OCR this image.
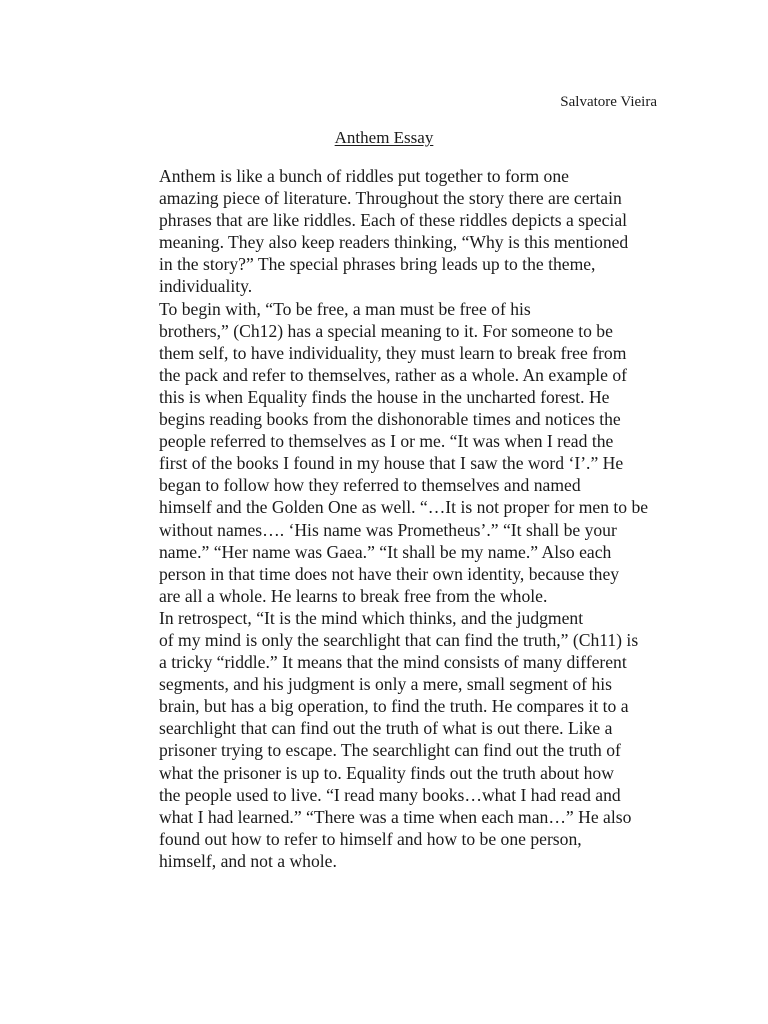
Salvatore Vieira
Anthem Essay

Anthem is like a bunch of riddles put together to form one
amazing piece of literature. Throughout the story there are certain
phrases that are like riddles. Each of these riddles depicts a special
meaning. They also keep readers thinking, “Why is this mentioned
in the story?” The special phrases bring leads up to the theme,
individuality.

To begin with, “To be free, a man must be free of his
brothers,” (Ch12) has a special meaning to it. For someone to be
them self, to have individuality, they must learn to break free from
the pack and refer to themselves, rather as a whole. An example of
this is when Equality finds the house in the uncharted forest. He
begins reading books from the dishonorable times and notices the
people referred to themselves as I or me. “It was when I read the
first of the books I found in my house that I saw the word ‘I’.” He
began to follow how they referred to themselves and named
himself and the Golden One as well. “…It is not proper for men to be
without names…. ‘His name was Prometheus’.” “It shall be your
name.” “Her name was Gaea.” “It shall be my name.” Also each
person in that time does not have their own identity, because they
are all a whole. He learns to break free from the whole.

In retrospect, “It is the mind which thinks, and the judgment
of my mind is only the searchlight that can find the truth,” (Ch11) is
a tricky “riddle.” It means that the mind consists of many different
segments, and his judgment is only a mere, small segment of his
brain, but has a big operation, to find the truth. He compares it to a
searchlight that can find out the truth of what is out there. Like a
prisoner trying to escape. The searchlight can find out the truth of
what the prisoner is up to. Equality finds out the truth about how
the people used to live. “I read many books…what I had read and
what I had learned.” “There was a time when each man…” He also
found out how to refer to himself and how to be one person,
himself, and not a whole.
